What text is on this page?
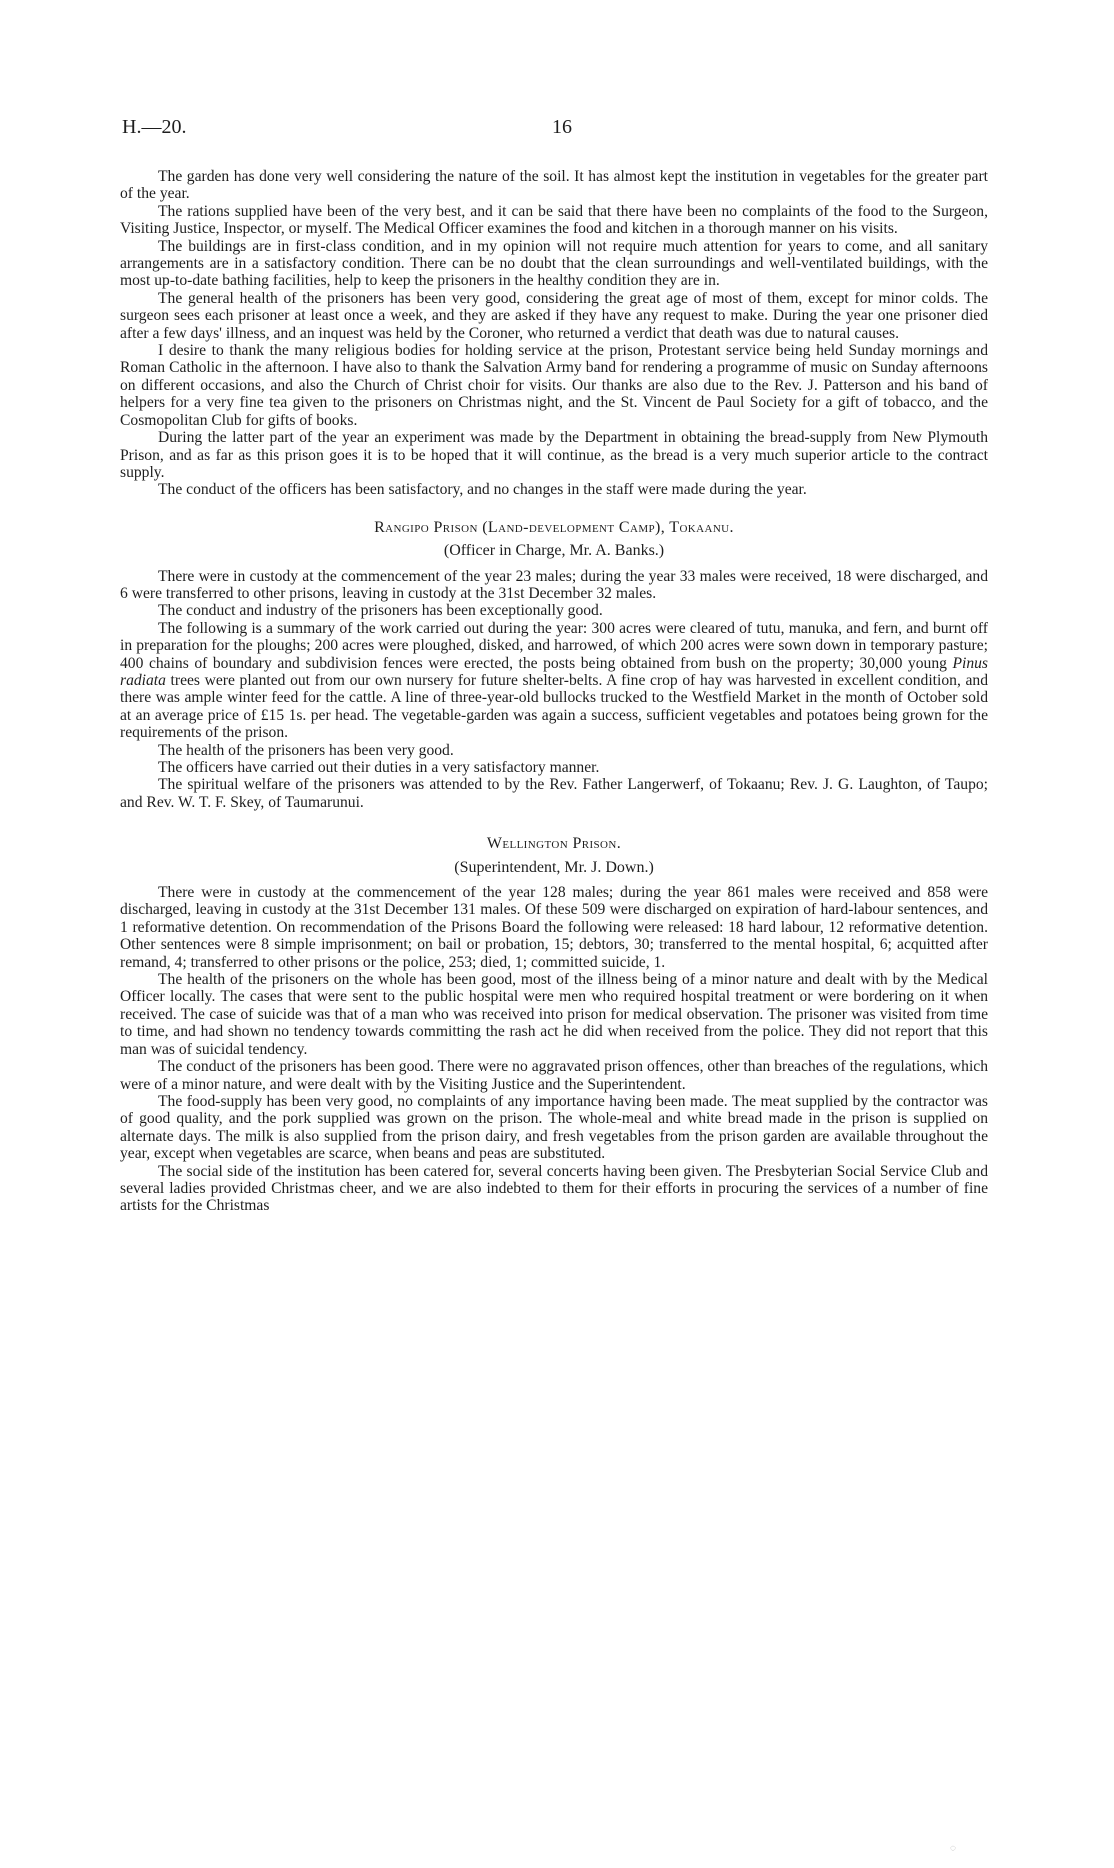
H.—20.	16

The garden has done very well considering the nature of the soil. It has almost kept the institution in vegetables for the greater part of the year.

The rations supplied have been of the very best, and it can be said that there have been no complaints of the food to the Surgeon, Visiting Justice, Inspector, or myself. The Medical Officer examines the food and kitchen in a thorough manner on his visits.

The buildings are in first-class condition, and in my opinion will not require much attention for years to come, and all sanitary arrangements are in a satisfactory condition. There can be no doubt that the clean surroundings and well-ventilated buildings, with the most up-to-date bathing facilities, help to keep the prisoners in the healthy condition they are in.

The general health of the prisoners has been very good, considering the great age of most of them, except for minor colds. The surgeon sees each prisoner at least once a week, and they are asked if they have any request to make. During the year one prisoner died after a few days' illness, and an inquest was held by the Coroner, who returned a verdict that death was due to natural causes.

I desire to thank the many religious bodies for holding service at the prison, Protestant service being held Sunday mornings and Roman Catholic in the afternoon. I have also to thank the Salvation Army band for rendering a programme of music on Sunday afternoons on different occasions, and also the Church of Christ choir for visits. Our thanks are also due to the Rev. J. Patterson and his band of helpers for a very fine tea given to the prisoners on Christmas night, and the St. Vincent de Paul Society for a gift of tobacco, and the Cosmopolitan Club for gifts of books.

During the latter part of the year an experiment was made by the Department in obtaining the bread-supply from New Plymouth Prison, and as far as this prison goes it is to be hoped that it will continue, as the bread is a very much superior article to the contract supply.

The conduct of the officers has been satisfactory, and no changes in the staff were made during the year.

Rangipo Prison (Land-development Camp), Tokaanu.

(Officer in Charge, Mr. A. Banks.)

There were in custody at the commencement of the year 23 males; during the year 33 males were received, 18 were discharged, and 6 were transferred to other prisons, leaving in custody at the 31st December 32 males.

The conduct and industry of the prisoners has been exceptionally good.

The following is a summary of the work carried out during the year: 300 acres were cleared of tutu, manuka, and fern, and burnt off in preparation for the ploughs; 200 acres were ploughed, disked, and harrowed, of which 200 acres were sown down in temporary pasture; 400 chains of boundary and subdivision fences were erected, the posts being obtained from bush on the property; 30,000 young Pinus radiata trees were planted out from our own nursery for future shelter-belts. A fine crop of hay was harvested in excellent condition, and there was ample winter feed for the cattle. A line of three-year-old bullocks trucked to the Westfield Market in the month of October sold at an average price of £15 1s. per head. The vegetable-garden was again a success, sufficient vegetables and potatoes being grown for the requirements of the prison.

The health of the prisoners has been very good.

The officers have carried out their duties in a very satisfactory manner.

The spiritual welfare of the prisoners was attended to by the Rev. Father Langerwerf, of Tokaanu; Rev. J. G. Laughton, of Taupo; and Rev. W. T. F. Skey, of Taumarunui.

Wellington Prison.

(Superintendent, Mr. J. Down.)

There were in custody at the commencement of the year 128 males; during the year 861 males were received and 858 were discharged, leaving in custody at the 31st December 131 males. Of these 509 were discharged on expiration of hard-labour sentences, and 1 reformative detention. On recommendation of the Prisons Board the following were released: 18 hard labour, 12 reformative detention. Other sentences were 8 simple imprisonment; on bail or probation, 15; debtors, 30; transferred to the mental hospital, 6; acquitted after remand, 4; transferred to other prisons or the police, 253; died, 1; committed suicide, 1.

The health of the prisoners on the whole has been good, most of the illness being of a minor nature and dealt with by the Medical Officer locally. The cases that were sent to the public hospital were men who required hospital treatment or were bordering on it when received. The case of suicide was that of a man who was received into prison for medical observation. The prisoner was visited from time to time, and had shown no tendency towards committing the rash act he did when received from the police. They did not report that this man was of suicidal tendency.

The conduct of the prisoners has been good. There were no aggravated prison offences, other than breaches of the regulations, which were of a minor nature, and were dealt with by the Visiting Justice and the Superintendent.

The food-supply has been very good, no complaints of any importance having been made. The meat supplied by the contractor was of good quality, and the pork supplied was grown on the prison. The whole-meal and white bread made in the prison is supplied on alternate days. The milk is also supplied from the prison dairy, and fresh vegetables from the prison garden are available throughout the year, except when vegetables are scarce, when beans and peas are substituted.

The social side of the institution has been catered for, several concerts having been given. The Presbyterian Social Service Club and several ladies provided Christmas cheer, and we are also indebted to them for their efforts in procuring the services of a number of fine artists for the Christmas

◌
